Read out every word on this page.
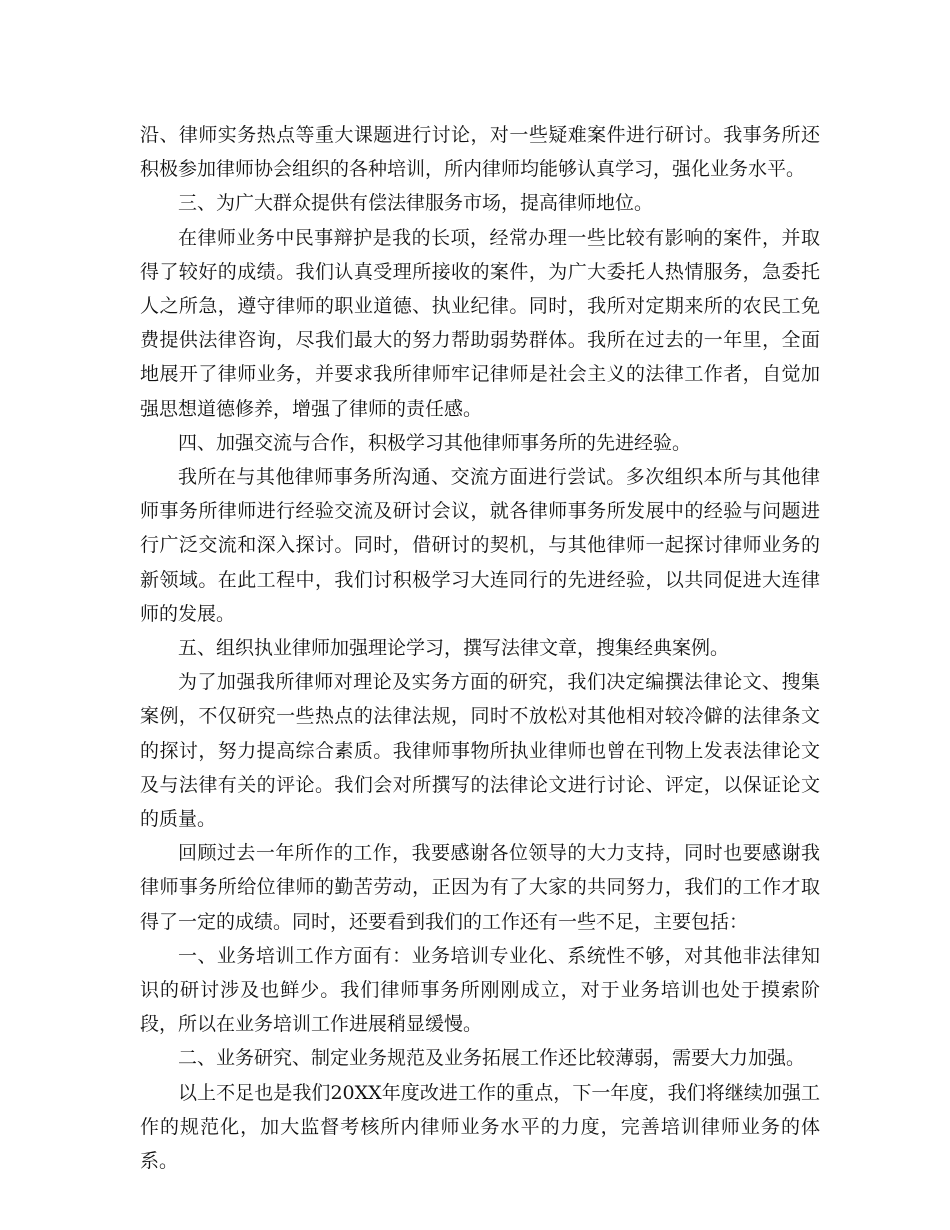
沿、律师实务热点等重大课题进行讨论，对一些疑难案件进行研讨。我事务所还积极参加律师协会组织的各种培训，所内律师均能够认真学习，强化业务水平。

三、为广大群众提供有偿法律服务市场，提高律师地位。

在律师业务中民事辩护是我的长项，经常办理一些比较有影响的案件，并取得了较好的成绩。我们认真受理所接收的案件，为广大委托人热情服务，急委托人之所急，遵守律师的职业道德、执业纪律。同时，我所对定期来所的农民工免费提供法律咨询，尽我们最大的努力帮助弱势群体。我所在过去的一年里，全面地展开了律师业务，并要求我所律师牢记律师是社会主义的法律工作者，自觉加强思想道德修养，增强了律师的责任感。

四、加强交流与合作，积极学习其他律师事务所的先进经验。

我所在与其他律师事务所沟通、交流方面进行尝试。多次组织本所与其他律师事务所律师进行经验交流及研讨会议，就各律师事务所发展中的经验与问题进行广泛交流和深入探讨。同时，借研讨的契机，与其他律师一起探讨律师业务的新领域。在此工程中，我们讨积极学习大连同行的先进经验，以共同促进大连律师的发展。

五、组织执业律师加强理论学习，撰写法律文章，搜集经典案例。

为了加强我所律师对理论及实务方面的研究，我们决定编撰法律论文、搜集案例，不仅研究一些热点的法律法规，同时不放松对其他相对较冷僻的法律条文的探讨，努力提高综合素质。我律师事物所执业律师也曾在刊物上发表法律论文及与法律有关的评论。我们会对所撰写的法律论文进行讨论、评定，以保证论文的质量。

回顾过去一年所作的工作，我要感谢各位领导的大力支持，同时也要感谢我律师事务所给位律师的勤苦劳动，正因为有了大家的共同努力，我们的工作才取得了一定的成绩。同时，还要看到我们的工作还有一些不足，主要包括：

一、业务培训工作方面有：业务培训专业化、系统性不够，对其他非法律知识的研讨涉及也鲜少。我们律师事务所刚刚成立，对于业务培训也处于摸索阶段，所以在业务培训工作进展稍显缓慢。

二、业务研究、制定业务规范及业务拓展工作还比较薄弱，需要大力加强。

以上不足也是我们20XX年度改进工作的重点，下一年度，我们将继续加强工作的规范化，加大监督考核所内律师业务水平的力度，完善培训律师业务的体系。
